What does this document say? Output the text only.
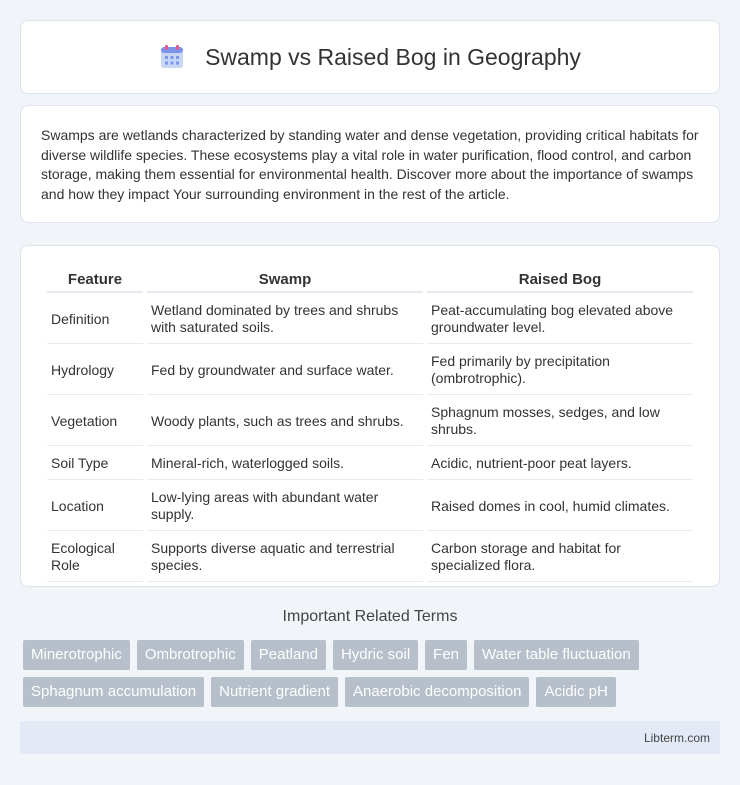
Swamp vs Raised Bog in Geography

Swamps are wetlands characterized by standing water and dense vegetation, providing critical habitats for diverse wildlife species. These ecosystems play a vital role in water purification, flood control, and carbon storage, making them essential for environmental health. Discover more about the importance of swamps and how they impact Your surrounding environment in the rest of the article.

Feature	Swamp	Raised Bog
Definition	Wetland dominated by trees and shrubs with saturated soils.	Peat-accumulating bog elevated above groundwater level.
Hydrology	Fed by groundwater and surface water.	Fed primarily by precipitation (ombrotrophic).
Vegetation	Woody plants, such as trees and shrubs.	Sphagnum mosses, sedges, and low shrubs.
Soil Type	Mineral-rich, waterlogged soils.	Acidic, nutrient-poor peat layers.
Location	Low-lying areas with abundant water supply.	Raised domes in cool, humid climates.
Ecological Role	Supports diverse aquatic and terrestrial species.	Carbon storage and habitat for specialized flora.
Important Related Terms
Minerotrophic	Ombrotrophic	Peatland	Hydric soil	Fen	Water table fluctuation
Sphagnum accumulation	Nutrient gradient	Anaerobic decomposition	Acidic pH
Libterm.com
